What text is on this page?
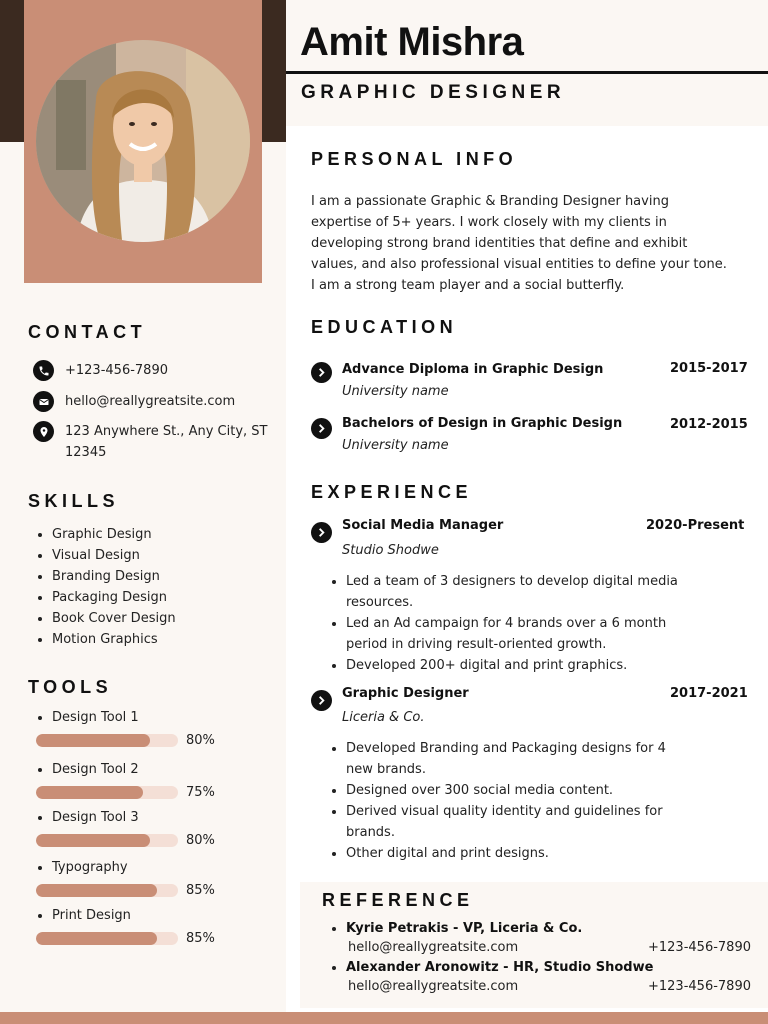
Amit Mishra
GRAPHIC DESIGNER
CONTACT
+123-456-7890
hello@reallygreatsite.com
123 Anywhere St., Any City, ST 12345
SKILLS
Graphic Design
Visual Design
Branding Design
Packaging Design
Book Cover Design
Motion Graphics
TOOLS
Design Tool 1
80%
Design Tool 2
75%
Design Tool 3
80%
Typography
85%
Print Design
85%
PERSONAL INFO
I am a passionate Graphic & Branding Designer having expertise of 5+ years. I work closely with my clients in developing strong brand identities that define and exhibit values, and also professional visual entities to define your tone. I am a strong team player and a social butterfly.
EDUCATION
Advance Diploma in Graphic Design
University name
2015-2017
Bachelors of Design in Graphic Design
University name
2012-2015
EXPERIENCE
Social Media Manager
Studio Shodwe
2020-Present
Led a team of 3 designers to develop digital media resources.
Led an Ad campaign for 4 brands over a 6 month period in driving result-oriented growth.
Developed 200+ digital and print graphics.
Graphic Designer
Liceria & Co.
2017-2021
Developed Branding and Packaging designs for 4 new brands.
Designed over 300 social media content.
Derived visual quality identity and guidelines for brands.
Other digital and print designs.
REFERENCE
Kyrie Petrakis - VP, Liceria & Co.
hello@reallygreatsite.com	+123-456-7890
Alexander Aronowitz - HR, Studio Shodwe
hello@reallygreatsite.com	+123-456-7890
